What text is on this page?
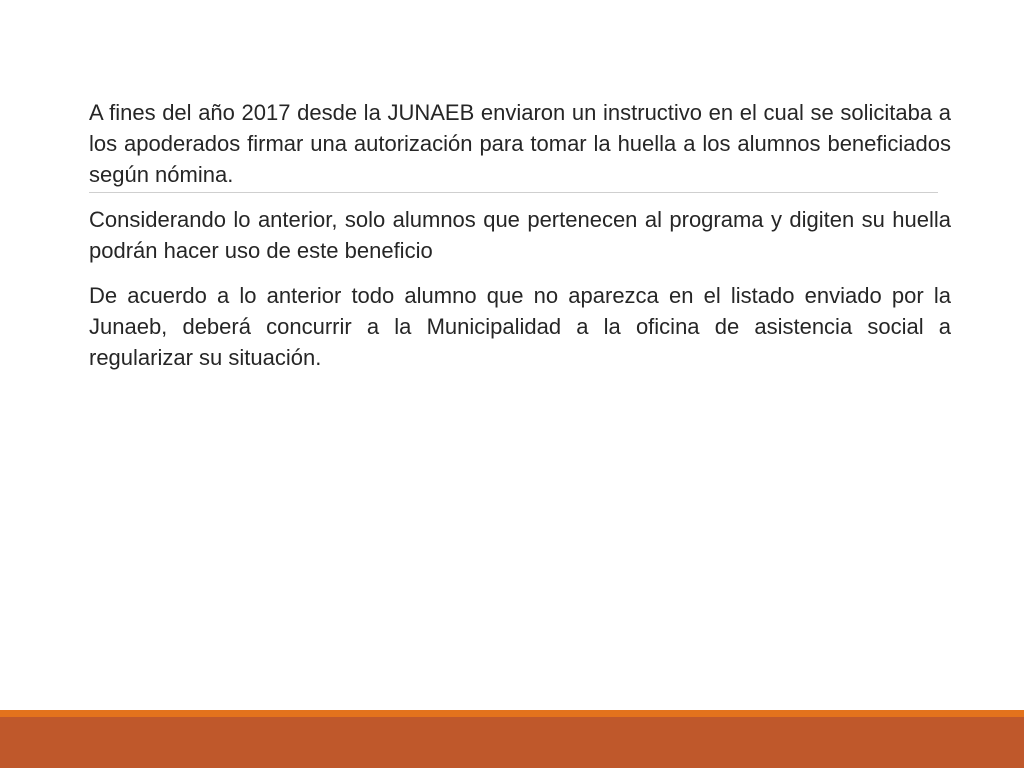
A fines del año 2017 desde la JUNAEB enviaron un instructivo en el cual se solicitaba a los apoderados firmar una autorización para tomar la huella a los alumnos beneficiados según nómina.

Considerando lo anterior, solo alumnos que pertenecen al programa y digiten su huella podrán hacer uso de este beneficio

De acuerdo a lo anterior todo alumno que no aparezca en el listado enviado por la Junaeb, deberá concurrir a la Municipalidad a la oficina de asistencia social a regularizar su situación.
